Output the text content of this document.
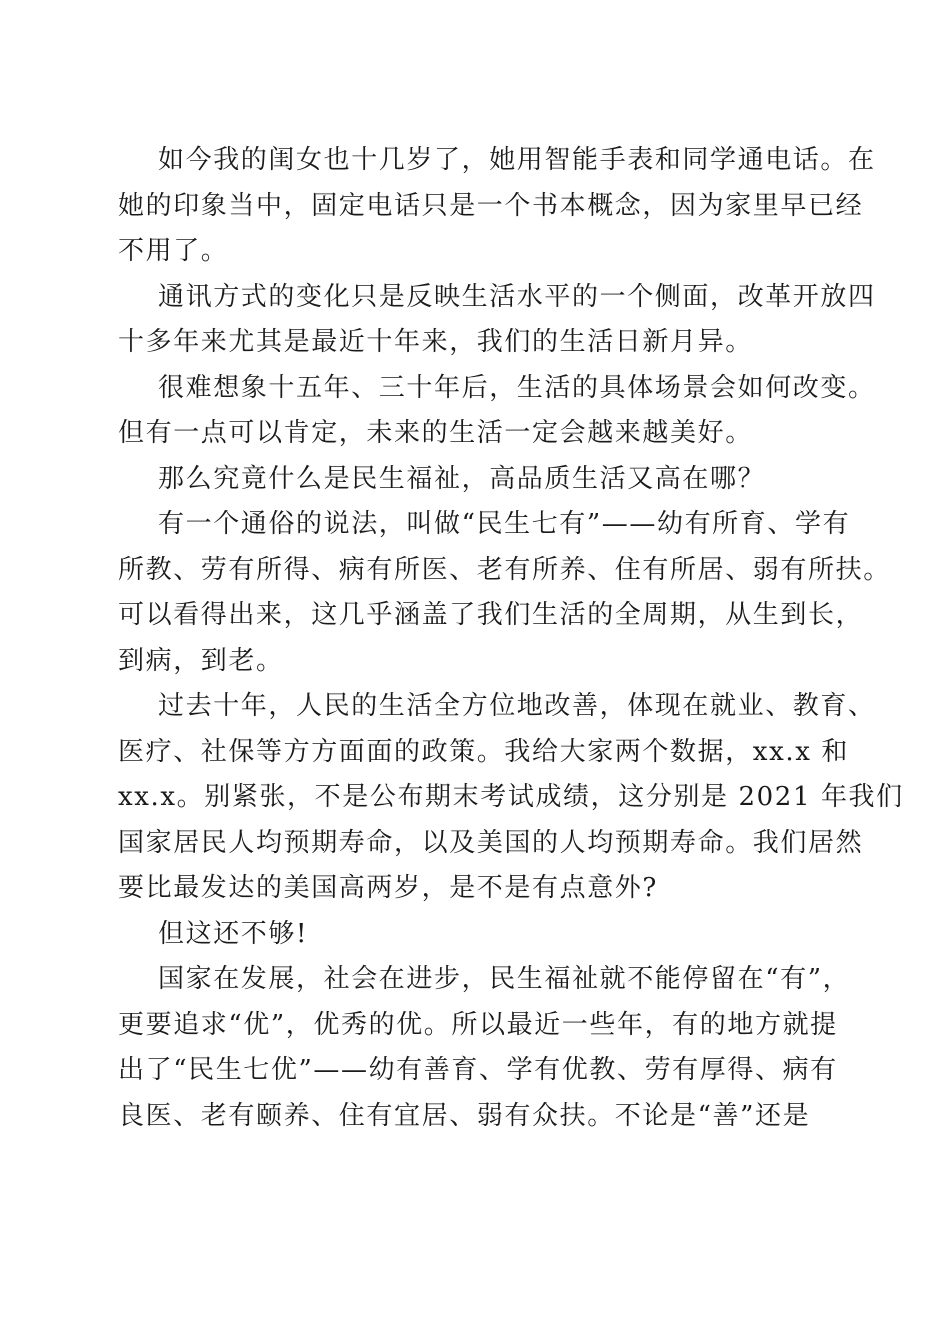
如今我的闺女也十几岁了，她用智能手表和同学通电话。在
她的印象当中，固定电话只是一个书本概念，因为家里早已经
不用了。
通讯方式的变化只是反映生活水平的一个侧面，改革开放四
十多年来尤其是最近十年来，我们的生活日新月异。
很难想象十五年、三十年后，生活的具体场景会如何改变。
但有一点可以肯定，未来的生活一定会越来越美好。
那么究竟什么是民生福祉，高品质生活又高在哪？
有一个通俗的说法，叫做“民生七有”——幼有所育、学有
所教、劳有所得、病有所医、老有所养、住有所居、弱有所扶。
可以看得出来，这几乎涵盖了我们生活的全周期，从生到长，
到病，到老。
过去十年，人民的生活全方位地改善，体现在就业、教育、
医疗、社保等方方面面的政策。我给大家两个数据，xx.x 和
xx.x。别紧张，不是公布期末考试成绩，这分别是 2021 年我们
国家居民人均预期寿命，以及美国的人均预期寿命。我们居然
要比最发达的美国高两岁，是不是有点意外?
但这还不够!
国家在发展，社会在进步，民生福祉就不能停留在“有”，
更要追求“优”，优秀的优。所以最近一些年，有的地方就提
出了“民生七优”——幼有善育、学有优教、劳有厚得、病有
良医、老有颐养、住有宜居、弱有众扶。不论是“善”还是
